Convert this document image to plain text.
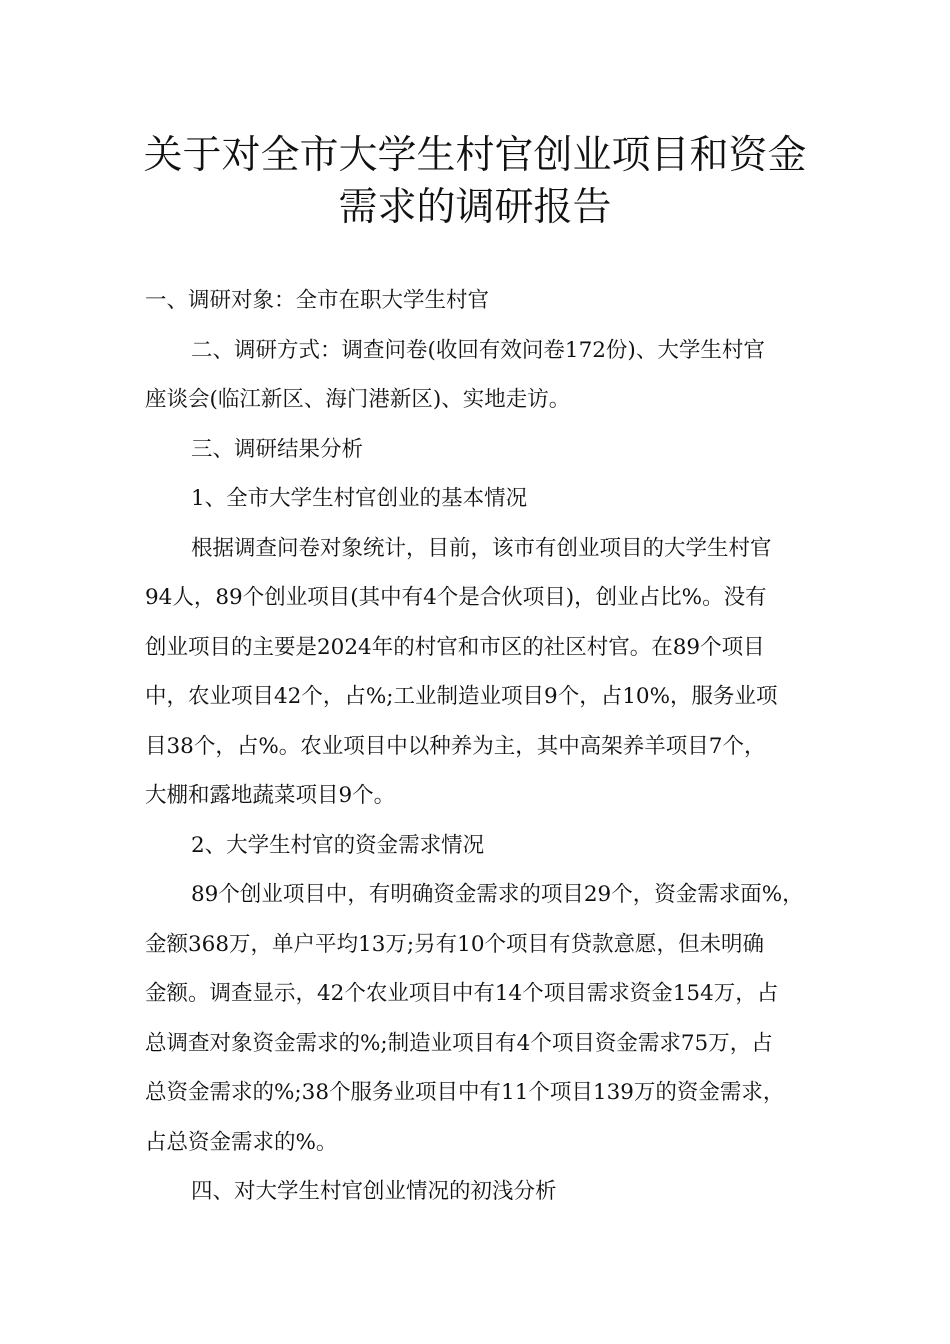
关于对全市大学生村官创业项目和资金
需求的调研报告
一、调研对象：全市在职大学生村官
二、调研方式：调查问卷(收回有效问卷172份)、大学生村官
座谈会(临江新区、海门港新区)、实地走访。
三、调研结果分析
1、全市大学生村官创业的基本情况
根据调查问卷对象统计，目前，该市有创业项目的大学生村官
94人，89个创业项目(其中有4个是合伙项目)，创业占比%。没有
创业项目的主要是2024年的村官和市区的社区村官。在89个项目
中，农业项目42个，占%;工业制造业项目9个，占10%，服务业项
目38个，占%。农业项目中以种养为主，其中高架养羊项目7个，
大棚和露地蔬菜项目9个。
2、大学生村官的资金需求情况
89个创业项目中，有明确资金需求的项目29个，资金需求面%，
金额368万，单户平均13万;另有10个项目有贷款意愿，但未明确
金额。调查显示，42个农业项目中有14个项目需求资金154万，占
总调查对象资金需求的%;制造业项目有4个项目资金需求75万，占
总资金需求的%;38个服务业项目中有11个项目139万的资金需求，
占总资金需求的%。
四、对大学生村官创业情况的初浅分析
